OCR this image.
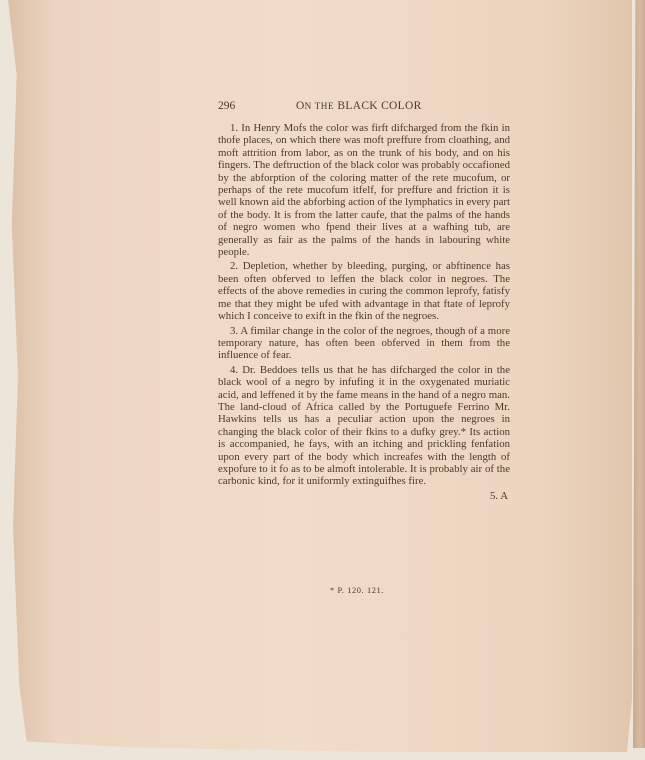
296	ON THE BLACK COLOR

1. In Henry Mofs the color was firft difcharged from the fkin in thofe places, on which there was moft preffure from cloathing, and moft attrition from labor, as on the trunk of his body, and on his fingers. The deftruction of the black color was probably occafioned by the abforption of the coloring matter of the rete mucofum, or perhaps of the rete mucofum itfelf, for preffure and friction it is well known aid the abforbing action of the lymphatics in every part of the body. It is from the latter caufe, that the palms of the hands of negro women who fpend their lives at a wafhing tub, are generally as fair as the palms of the hands in labouring white people.

2. Depletion, whether by bleeding, purging, or abftinence has been often obferved to leffen the black color in negroes. The effects of the above remedies in curing the common leprofy, fatisfy me that they might be ufed with advantage in that ftate of leprofy which I conceive to exift in the fkin of the negroes.

3. A fimilar change in the color of the negroes, though of a more temporary nature, has often been obferved in them from the influence of fear.

4. Dr. Beddoes tells us that he has difcharged the color in the black wool of a negro by infufing it in the oxygenated muriatic acid, and leffened it by the fame means in the hand of a negro man. The land-cloud of Africa called by the Portuguefe Ferrino Mr. Hawkins tells us has a peculiar action upon the negroes in changing the black color of their fkins to a dufky grey.* Its action is accompanied, he fays, with an itching and prickling fenfation upon every part of the body which increafes with the length of expofure to it fo as to be almoft intolerable. It is probably air of the carbonic kind, for it uniformly extinguifhes fire.

5. A
* P. 120. 121.
